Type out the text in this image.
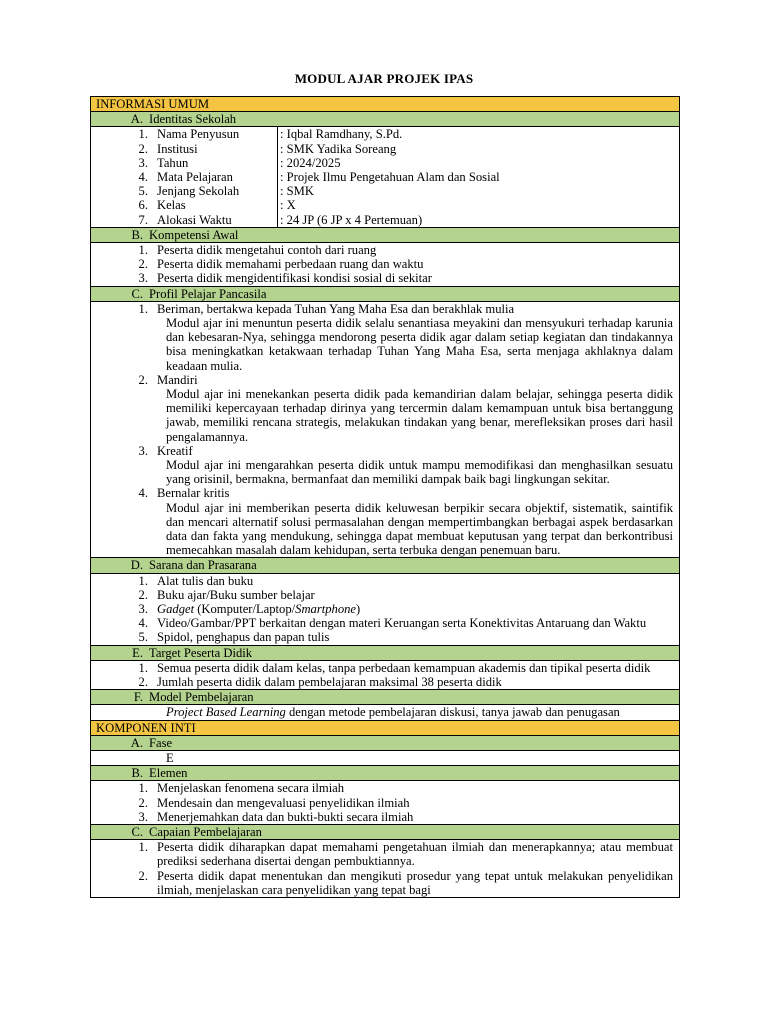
MODUL AJAR PROJEK IPAS
INFORMASI UMUM
A. Identitas Sekolah
1. Nama Penyusun	: Iqbal Ramdhany, S.Pd.
2. Institusi	: SMK Yadika Soreang
3. Tahun	: 2024/2025
4. Mata Pelajaran	: Projek Ilmu Pengetahuan Alam dan Sosial
5. Jenjang Sekolah	: SMK
6. Kelas	: X
7. Alokasi Waktu	: 24 JP (6 JP x 4 Pertemuan)
B. Kompetensi Awal
1. Peserta didik mengetahui contoh dari ruang
2. Peserta didik memahami perbedaan ruang dan waktu
3. Peserta didik mengidentifikasi kondisi sosial di sekitar
C. Profil Pelajar Pancasila
1. Beriman, bertakwa kepada Tuhan Yang Maha Esa dan berakhlak mulia
Modul ajar ini menuntun peserta didik selalu senantiasa meyakini dan mensyukuri terhadap karunia dan kebesaran-Nya, sehingga mendorong peserta didik agar dalam setiap kegiatan dan tindakannya bisa meningkatkan ketakwaan terhadap Tuhan Yang Maha Esa, serta menjaga akhlaknya dalam keadaan mulia.
2. Mandiri
Modul ajar ini menekankan peserta didik pada kemandirian dalam belajar, sehingga peserta didik memiliki kepercayaan terhadap dirinya yang tercermin dalam kemampuan untuk bisa bertanggung jawab, memiliki rencana strategis, melakukan tindakan yang benar, merefleksikan proses dari hasil pengalamannya.
3. Kreatif
Modul ajar ini mengarahkan peserta didik untuk mampu memodifikasi dan menghasilkan sesuatu yang orisinil, bermakna, bermanfaat dan memiliki dampak baik bagi lingkungan sekitar.
4. Bernalar kritis
Modul ajar ini memberikan peserta didik keluwesan berpikir secara objektif, sistematik, saintifik dan mencari alternatif solusi permasalahan dengan mempertimbangkan berbagai aspek berdasarkan data dan fakta yang mendukung, sehingga dapat membuat keputusan yang terpat dan berkontribusi memecahkan masalah dalam kehidupan, serta terbuka dengan penemuan baru.
D. Sarana dan Prasarana
1. Alat tulis dan buku
2. Buku ajar/Buku sumber belajar
3. Gadget (Komputer/Laptop/Smartphone)
4. Video/Gambar/PPT berkaitan dengan materi Keruangan serta Konektivitas Antaruang dan Waktu
5. Spidol, penghapus dan papan tulis
E. Target Peserta Didik
1. Semua peserta didik dalam kelas, tanpa perbedaan kemampuan akademis dan tipikal peserta didik
2. Jumlah peserta didik dalam pembelajaran maksimal 38 peserta didik
F. Model Pembelajaran
Project Based Learning dengan metode pembelajaran diskusi, tanya jawab dan penugasan
KOMPONEN INTI
A. Fase
E
B. Elemen
1. Menjelaskan fenomena secara ilmiah
2. Mendesain dan mengevaluasi penyelidikan ilmiah
3. Menerjemahkan data dan bukti-bukti secara ilmiah
C. Capaian Pembelajaran
1. Peserta didik diharapkan dapat memahami pengetahuan ilmiah dan menerapkannya; atau membuat prediksi sederhana disertai dengan pembuktiannya.
2. Peserta didik dapat menentukan dan mengikuti prosedur yang tepat untuk melakukan penyelidikan ilmiah, menjelaskan cara penyelidikan yang tepat bagi
